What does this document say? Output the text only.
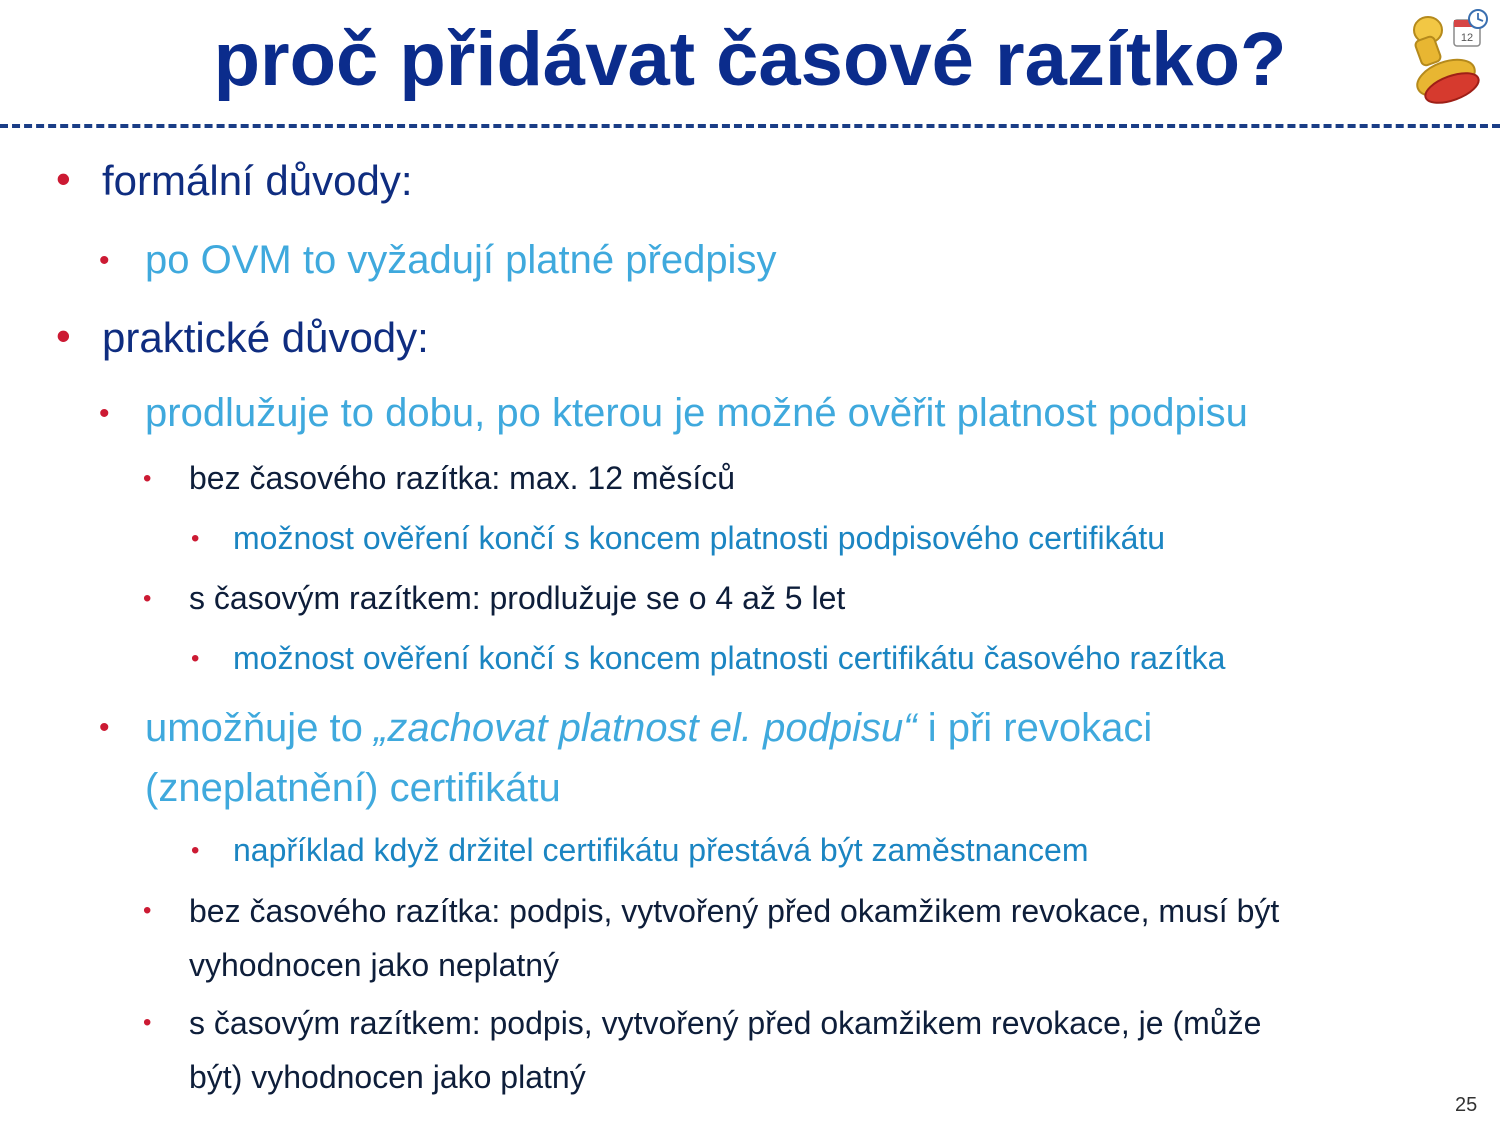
proč přidávat časové razítko?	12
• formální důvody:
• po OVM to vyžadují platné předpisy
• praktické důvody:
• prodlužuje to dobu, po kterou je možné ověřit platnost podpisu
• bez časového razítka: max. 12 měsíců
• možnost ověření končí s koncem platnosti podpisového certifikátu
• s časovým razítkem: prodlužuje se o 4 až 5 let
• možnost ověření končí s koncem platnosti certifikátu časového razítka
• umožňuje to „zachovat platnost el. podpisu“ i při revokaci
(zneplatnění) certifikátu
• například když držitel certifikátu přestává být zaměstnancem
• bez časového razítka: podpis, vytvořený před okamžikem revokace, musí být
vyhodnocen jako neplatný
• s časovým razítkem: podpis, vytvořený před okamžikem revokace, je (může
být) vyhodnocen jako platný
25
